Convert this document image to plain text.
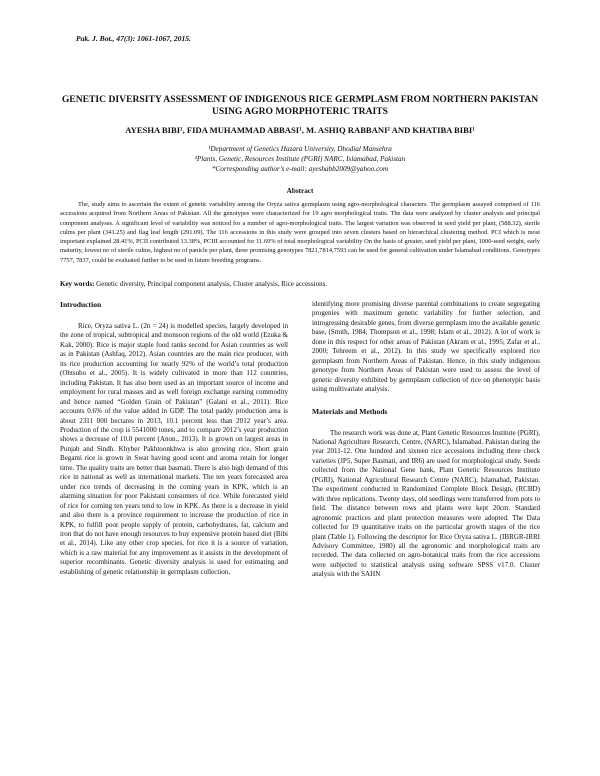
Pak. J. Bot., 47(3): 1061-1067, 2015.
GENETIC DIVERSITY ASSESSMENT OF INDIGENOUS RICE GERMPLASM FROM NORTHERN PAKISTAN USING AGRO MORPHOTERIC TRAITS
AYESHA BIBI¹, FIDA MUHAMMAD ABBASI¹, M. ASHIQ RABBANI² AND KHATIBA BIBI¹
¹Department of Genetics Hazara University, Dhodial Mansehra
²Plants, Genetic, Resources Institute (PGRI) NARC, Islamabad, Pakistan
*Corresponding author’s e-mail: ayeshabb2009@yahoo.com
Abstract

The, study aims to ascertain the extent of genetic variability among the Oryza sativa germplasm using agro-morphological characters. The germplasm assayed comprised of 116 accessions acquired from Northern Areas of Pakistan. All the genotypes were characterized for 19 agro morphological traits. The data were analyzed by cluster analysis and principal component analyses. A significant level of variability was noticed for a number of agro-morphological traits. The largest variation was observed in seed yield per plant, (588.32), sterile culms per plant (341.25) and flag leaf length (291.09). The 116 accessions in this study were grouped into seven clusters based on hierarchical clustering method. PCI which is most important explained 28.41%, PCII contributed 13.38%, PCIII accounted for 11.69% of total morphological variability On the basis of greater, seed yield per plant, 1000-seed weight, early maturity, lowest no of sterile culms, highest no of panicle per plant, three promising genotypes 7821,7814,7593 can be used for general cultivation under Islamabad conditions. Genotypes 7757, 7837, could be evaluated further to be used in future breeding programs.

Key words: Genetic diversity, Principal component analysis, Cluster analysis, Rice accessions.

Introduction

Rice, Oryza sativa L. (2n = 24) is modelled species, largely developed in the zone of tropical, subtropical and monsoon regions of the old world (Ezuka & Kak, 2000). Rice is major staple food ranks second for Asian countries as well as in Pakistan (Ashfaq, 2012). Asian countries are the main rice producer, with its rice production accounting for nearly 92% of the world’s total production (Ohtsubo et al., 2005). It is widely cultivated in more than 112 countries, including Pakistan. It has also been used as an important source of income and employment for rural masses and as well foreign exchange earning commodity and hence named “Golden Grain of Pakistan” (Galani et al., 2011). Rice accounts 0.6% of the value added in GDP. The total paddy production area is about 2311 000 hectares in 2013, 10.1 percent less than 2012 year’s area. Production of the crop is 5541000 tones, and to compare 2012’s year production shows a decrease of 10.0 percent (Anon., 2013). It is grown on largest areas in Punjab and Sindh. Khyber Pakhtoonkhwa is also growing rice, Short grain Begami rice is grown in Swat having good scent and aroma retain for longer time. The quality traits are better than basmati. There is also high demand of this rice in national as well as international markets. The ten years forecasted area under rice trends of decreasing in the coming years in KPK, which is an alarming situation for poor Pakistani consumers of rice. While forecasted yield of rice for coming ten years tend to low in KPK. As there is a decrease in yield and also there is a province requirement to increase the production of rice in KPK, to fulfill poor people supply of protein, carbohydrates, fat, calcium and iron that do not have enough resources to buy expensive protein based diet (Bibi et al., 2014). Like any other crop species, for rice it is a source of variation, which is a raw material for any improvement as it assists in the development of superior recombinants. Genetic diversity analysis is used for estimating and establishing of genetic relationship in germplasm collection,

identifying more promising diverse parental combinations to create segregating progenies with maximum genetic variability for further selection, and introgressing desirable genes, from diverse germplasm into the available genetic base, (Smith, 1984; Thompson et al., 1998; Islam et al., 2012). A lot of work is done in this respect for other areas of Pakistan (Akram et al., 1995; Zafar et al., 2000; Tehreem et al., 2012). In this study we specifically explored rice germplasm from Northern Areas of Pakistan. Hence, in this study indigenous genotype from Northern Areas of Pakistan were used to assess the level of genetic diversity exhibited by germplasm collection of rice on phenotypic basis using multivariate analysis.

Materials and Methods

The research work was done at, Plant Genetic Resources Institute (PGRI), National Agriculture Research, Centre, (NARC), Islamabad. Pakistan during the year 2011-12. One hundred and sixteen rice accessions including three check varieties (JP5, Super Basmati, and IR6) are used for morphological study. Seeds collected from the National Gene bank, Plant Genetic Resources Institute (PGRI), National Agricultural Research Centre (NARC), Islamabad, Pakistan. The experiment conducted in Randomized Complete Block Design, (RCBD) with three replications. Twenty days, old seedlings were transferred from pots to field. The distance between rows and plants were kept 20cm. Standard agronomic practices and plant protection measures were adopted. The Data collected for 19 quantitative traits on the particular growth stages of the rice plant (Table 1). Following the descriptor for Rice Oryza sativa L. (IBRGR-IRRI Advisory Committee, 1980) all the agronomic and morphological traits are recorded. The data collected on agro-botanical traits from the rice accessions were subjected to statistical analysis using software SPSS v17.0. Cluster analysis with the SAHN
